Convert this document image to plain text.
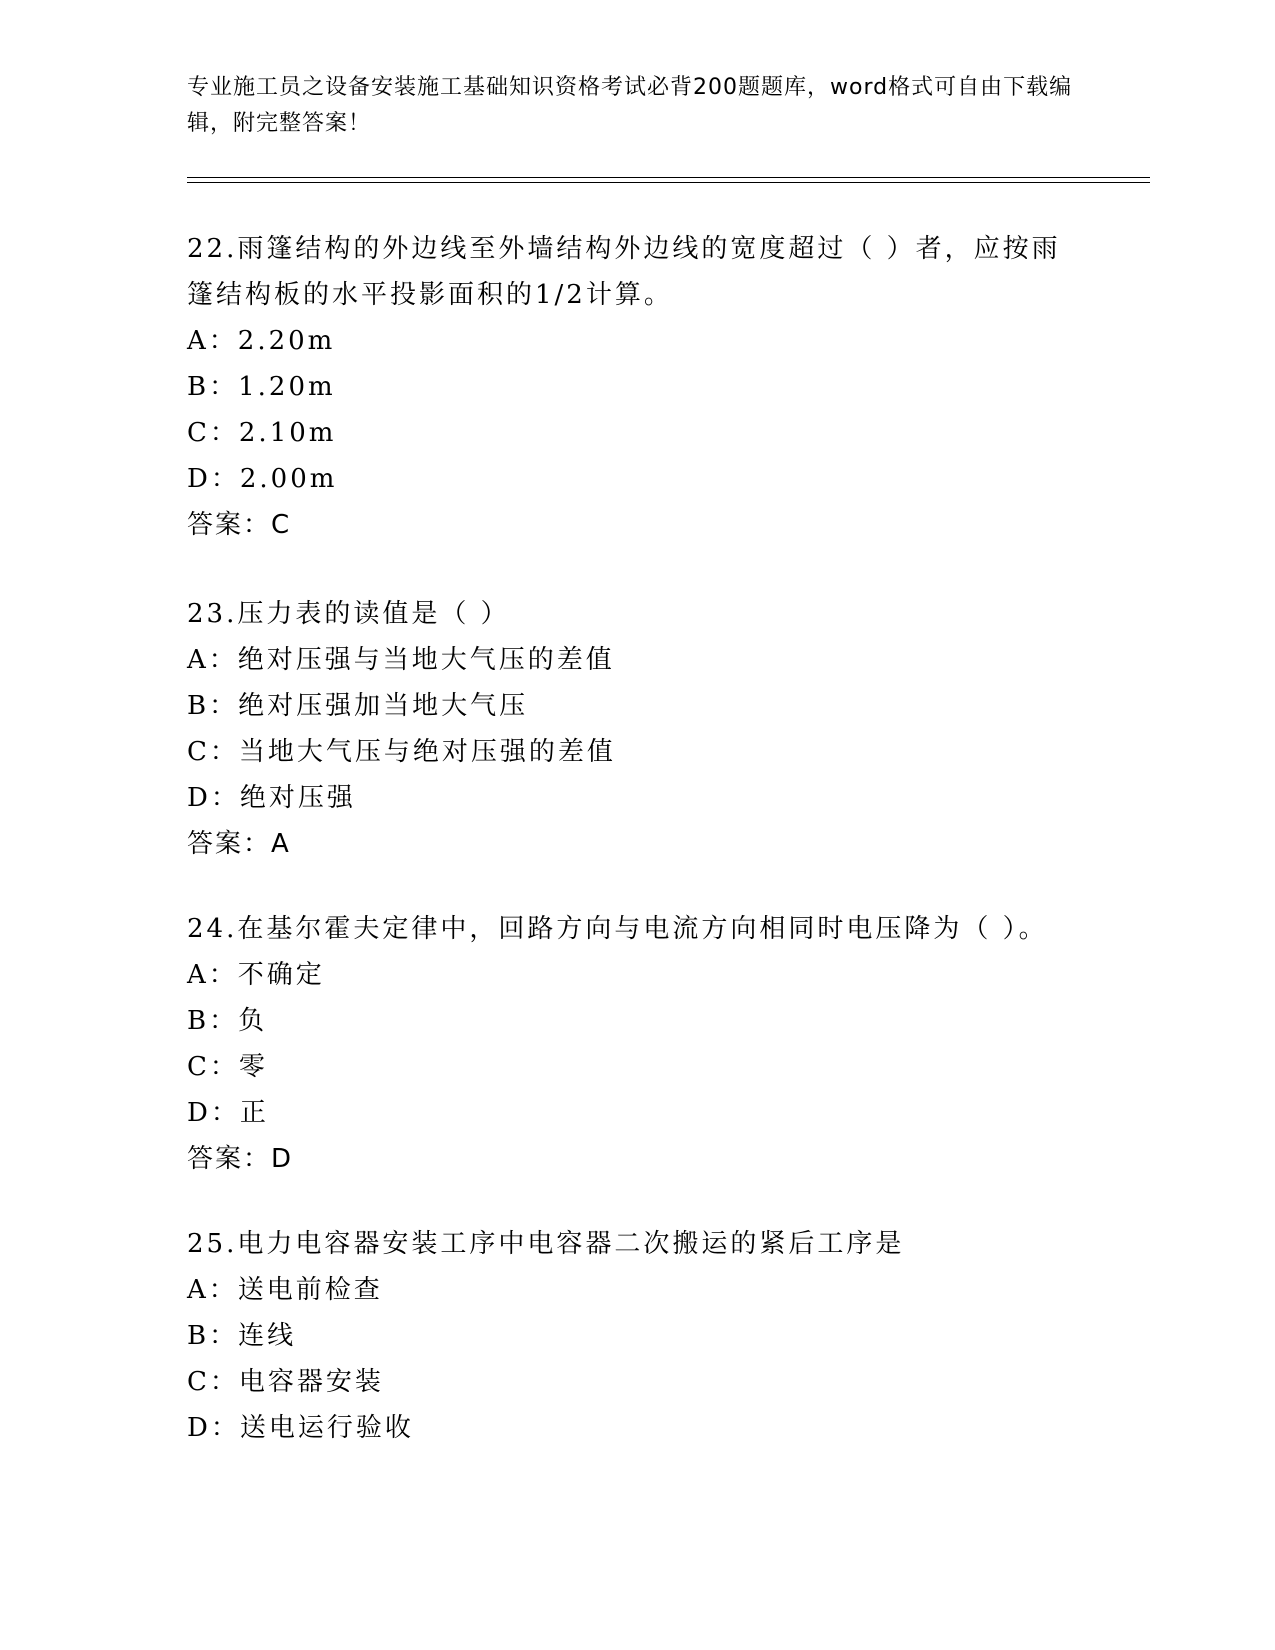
专业施工员之设备安装施工基础知识资格考试必背200题题库，word格式可自由下载编辑，附完整答案！
22.雨篷结构的外边线至外墙结构外边线的宽度超过（ ）者，应按雨篷结构板的水平投影面积的1/2计算。
A：2.20m
B：1.20m
C：2.10m
D：2.00m
答案：C
23.压力表的读值是（ ）
A：绝对压强与当地大气压的差值
B：绝对压强加当地大气压
C：当地大气压与绝对压强的差值
D：绝对压强
答案：A
24.在基尔霍夫定律中，回路方向与电流方向相同时电压降为（ ）。
A：不确定
B：负
C：零
D：正
答案：D
25.电力电容器安装工序中电容器二次搬运的紧后工序是
A：送电前检查
B：连线
C：电容器安装
D：送电运行验收
